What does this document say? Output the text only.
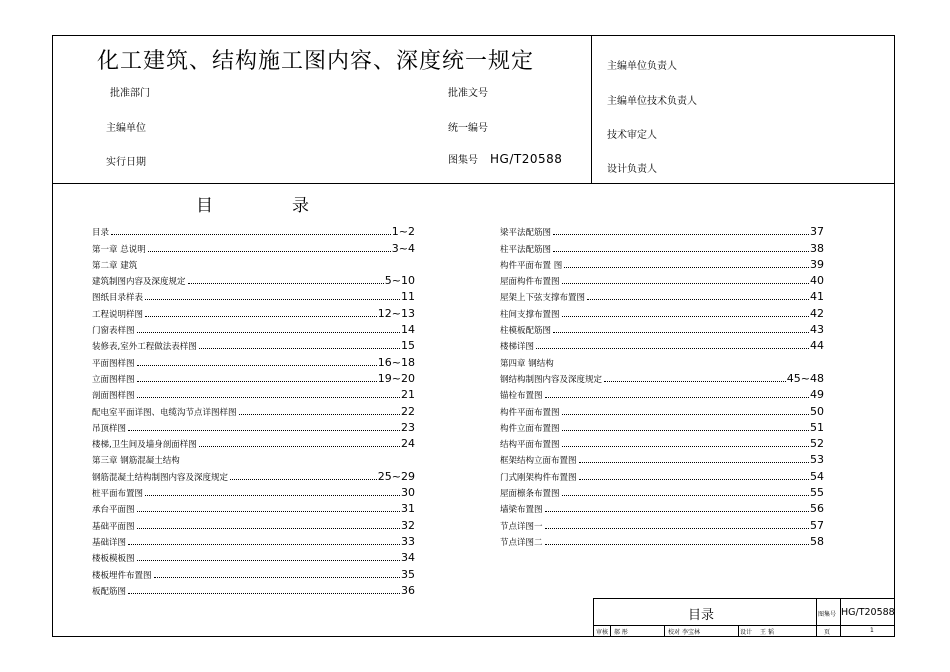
化工建筑、结构施工图内容、深度统一规定
批准部门
主编单位
实行日期
批准文号
统一编号
图集号 HG/T20588
主编单位负责人
主编单位技术负责人
技术审定人
设计负责人
目	录
目录	1~2
第一章 总说明	3~4
第二章 建筑
建筑制图内容及深度规定	5~10
图纸目录样表	11
工程说明样图	12~13
门窗表样图	14
装修表,室外工程做法表样图	15
平面图样图	16~18
立面图样图	19~20
剖面图样图	21
配电室平面详图、电缆沟节点详图样图	22
吊顶样图	23
楼梯,卫生间及墙身剖面样图	24
第三章 钢筋混凝土结构
钢筋混凝土结构制图内容及深度规定	25~29
桩平面布置图	30
承台平面图	31
基础平面图	32
基础详图	33
楼板模板图	34
楼板埋件布置图	35
板配筋图	36
梁平法配筋图	37
柱平法配筋图	38
构件平面布置 图	39
屋面构件布置图	40
屋架上下弦支撑布置图	41
柱间支撑布置图	42
柱模板配筋图	43
楼梯详图	44
第四章 钢结构
钢结构制图内容及深度规定	45~48
锚栓布置图	49
构件平面布置图	50
构件立面布置图	51
结构平面布置图	52
框架结构立面布置图	53
门式刚架构件布置图	54
屋面檩条布置图	55
墙梁布置图	56
节点详图一	57
节点详图二	58
目录	图集号 HG/T20588
审核 郝 彤	校对 李宝林	设计 王 韬	页	1
